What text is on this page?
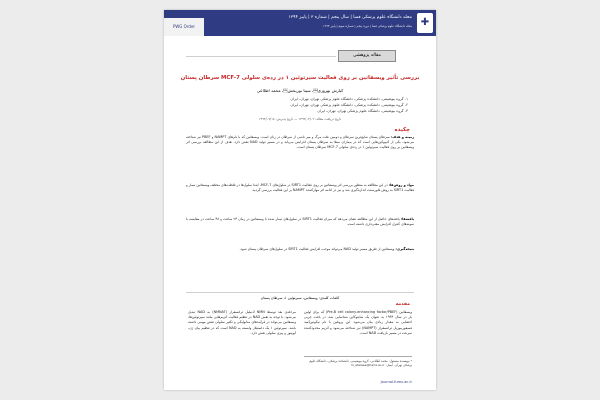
PWG Order
مجله دانشگاه علوم پزشکی فسا | سال پنجم | شماره ۳ | پاییز ۱۳۹۴
مجله دانشگاه علوم پزشکی فسا | دوره پنجم | شماره سوم | پاییز ۱۳۹۴ ✚
مقاله پژوهشی
بررسی تأثیر ویسفاتین بر روی فعالیت سیرتوئین ۱ در رده‌ی سلولی MCF-7 سرطان پستان
کیارش بهروزی، سینا نوربخش، محمد اطلاعی
۱- گروه بیوشیمی، دانشکده پزشکی، دانشگاه علوم پزشکی تهران، تهران، ایران
۲- گروه بیوشیمی، دانشکده پزشکی، دانشگاه علوم پزشکی تهران، تهران، ایران
۳- گروه بیوشیمی، دانشگاه علوم پزشکی تهران، تهران، ایران
تاریخ دریافت مقاله: ۱۳۹۴/۰۳/۰۲ — تاریخ پذیرش: ۱۳۹۴/۰۷/۱۸
چکیده
زمینه و هدف: سرطان پستان شایع‌ترین سرطان و دومین علت مرگ و میر ناشی از سرطان در زنان است. ویسفاتین که با نام‌های NAMPT و PBEF نیز شناخته می‌شود، یکی از آدیپوکین‌هایی است که در بیماران مبتلا به سرطان پستان افزایش می‌یابد و در مسیر تولید NAD نقش دارد. هدف از این مطالعه بررسی اثر ویسفاتین بر روی فعالیت سیرتوئین ۱ در رده‌ی سلولی MCF-7 سرطان پستان است.
مواد و روش‌ها: در این مطالعه به منظور بررسی اثر ویسفاتین بر روی فعالیت SIRT1 در سلول‌های MCF-7، ابتدا سلول‌ها در غلظت‌های مختلف ویسفاتین تیمار و فعالیت SIRT1 به روش فلورسنت اندازه‌گیری شد و نیز در ادامه اثر مهارکننده NAMPT بر این فعالیت بررسی گردید.
یافته‌ها: یافته‌های حاصل از این مطالعه نشان می‌دهد که میزان فعالیت SIRT1 در سلول‌های تیمار شده با ویسفاتین در زمان ۲۴ ساعت و ۴۸ ساعت در مقایسه با نمونه‌های کنترل افزایش معنی‌داری داشته است.
نتیجه‌گیری: ویسفاتین از طریق مسیر تولید NAD می‌تواند موجب افزایش فعالیت SIRT1 در سلول‌های سرطان پستان شود.
کلمات کلیدی: ویسفاتین، سیرتوئین ۱، سرطان پستان
مقدمه
ویسفاتین (Pre-B cell colony-enhancing factor/PBEF) که برای اولین بار در سال ۱۹۹۴ به عنوان یک سایتوکاین شناسایی شد، در بافت چربی احشایی به مقدار زیادی بیان می‌شود. این پروتئین با نام نیکوتین‌آمید فسفوریبوزیل ترانسفراز (NAMPT) نیز شناخته می‌شود و آنزیم محدودکننده سرعت در مسیر بازیافت NAD است.
مرحله‌ی بعد توسط NMN آدنیلیل ترانسفراز (NMNAT) به NAD تبدیل می‌شود. با توجه به نقش NAD در تنظیم فعالیت آنزیم‌هایی مانند سیرتوئین‌ها، ویسفاتین می‌تواند در فرآیندهای متابولیکی و تکثیر سلولی نقش مهمی داشته باشد. سیرتوئین ۱ یک داستیلاز وابسته به NAD است که در تنظیم بیان ژن، آپوپتوز و پیری سلولی نقش دارد.
* نویسنده مسئول: محمد اطلاعی، گروه بیوشیمی، دانشکده پزشکی، دانشگاه علوم پزشکی تهران. ایمیل: m_etelaee@tums.ac.ir
journal.fums.ac.ir
